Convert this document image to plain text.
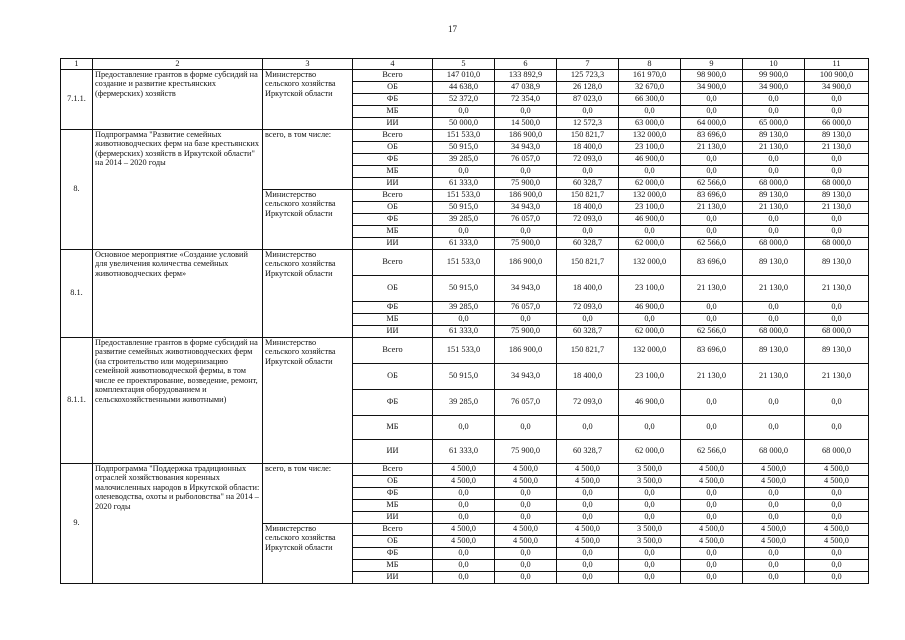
17
1	2	3	4	5	6	7	8	9	10	11
7.1.1.	Предоставление грантов в форме субсидий на создание и развитие крестьянских (фермерских) хозяйств	Министерство сельского хозяйства Иркутской области	Всего	147 010,0	133 892,9	125 723,3	161 970,0	98 900,0	99 900,0	100 900,0
			ОБ	44 638,0	47 038,9	26 128,0	32 670,0	34 900,0	34 900,0	34 900,0
			ФБ	52 372,0	72 354,0	87 023,0	66 300,0	0,0	0,0	0,0
			МБ	0,0	0,0	0,0	0,0	0,0	0,0	0,0
			ИИ	50 000,0	14 500,0	12 572,3	63 000,0	64 000,0	65 000,0	66 000,0
8.	Подпрограмма "Развитие семейных животноводческих ферм на базе крестьянских (фермерских) хозяйств в Иркутской области" на 2014 – 2020 годы	всего, в том числе:	Всего	151 533,0	186 900,0	150 821,7	132 000,0	83 696,0	89 130,0	89 130,0
			ОБ	50 915,0	34 943,0	18 400,0	23 100,0	21 130,0	21 130,0	21 130,0
			ФБ	39 285,0	76 057,0	72 093,0	46 900,0	0,0	0,0	0,0
			МБ	0,0	0,0	0,0	0,0	0,0	0,0	0,0
			ИИ	61 333,0	75 900,0	60 328,7	62 000,0	62 566,0	68 000,0	68 000,0
		Министерство сельского хозяйства Иркутской области	Всего	151 533,0	186 900,0	150 821,7	132 000,0	83 696,0	89 130,0	89 130,0
			ОБ	50 915,0	34 943,0	18 400,0	23 100,0	21 130,0	21 130,0	21 130,0
			ФБ	39 285,0	76 057,0	72 093,0	46 900,0	0,0	0,0	0,0
			МБ	0,0	0,0	0,0	0,0	0,0	0,0	0,0
			ИИ	61 333,0	75 900,0	60 328,7	62 000,0	62 566,0	68 000,0	68 000,0
8.1.	Основное мероприятие «Создание условий для увеличения количества семейных животноводческих ферм»	Министерство сельского хозяйства Иркутской области	Всего	151 533,0	186 900,0	150 821,7	132 000,0	83 696,0	89 130,0	89 130,0
			ОБ	50 915,0	34 943,0	18 400,0	23 100,0	21 130,0	21 130,0	21 130,0
			ФБ	39 285,0	76 057,0	72 093,0	46 900,0	0,0	0,0	0,0
			МБ	0,0	0,0	0,0	0,0	0,0	0,0	0,0
			ИИ	61 333,0	75 900,0	60 328,7	62 000,0	62 566,0	68 000,0	68 000,0
8.1.1.	Предоставление грантов в форме субсидий на развитие семейных животноводческих ферм (на строительство или модернизацию семейной животноводческой фермы, в том числе ее проектирование, возведение, ремонт, комплектация оборудованием и сельскохозяйственными животными)	Министерство сельского хозяйства Иркутской области	Всего	151 533,0	186 900,0	150 821,7	132 000,0	83 696,0	89 130,0	89 130,0
			ОБ	50 915,0	34 943,0	18 400,0	23 100,0	21 130,0	21 130,0	21 130,0
			ФБ	39 285,0	76 057,0	72 093,0	46 900,0	0,0	0,0	0,0
			МБ	0,0	0,0	0,0	0,0	0,0	0,0	0,0
			ИИ	61 333,0	75 900,0	60 328,7	62 000,0	62 566,0	68 000,0	68 000,0
9.	Подпрограмма "Поддержка традиционных отраслей хозяйствования коренных малочисленных народов в Иркутской области: оленеводства, охоты и рыболовства" на 2014 – 2020 годы	всего, в том числе:	Всего	4 500,0	4 500,0	4 500,0	3 500,0	4 500,0	4 500,0	4 500,0
			ОБ	4 500,0	4 500,0	4 500,0	3 500,0	4 500,0	4 500,0	4 500,0
			ФБ	0,0	0,0	0,0	0,0	0,0	0,0	0,0
			МБ	0,0	0,0	0,0	0,0	0,0	0,0	0,0
			ИИ	0,0	0,0	0,0	0,0	0,0	0,0	0,0
		Министерство сельского хозяйства Иркутской области	Всего	4 500,0	4 500,0	4 500,0	3 500,0	4 500,0	4 500,0	4 500,0
			ОБ	4 500,0	4 500,0	4 500,0	3 500,0	4 500,0	4 500,0	4 500,0
			ФБ	0,0	0,0	0,0	0,0	0,0	0,0	0,0
			МБ	0,0	0,0	0,0	0,0	0,0	0,0	0,0
			ИИ	0,0	0,0	0,0	0,0	0,0	0,0	0,0
